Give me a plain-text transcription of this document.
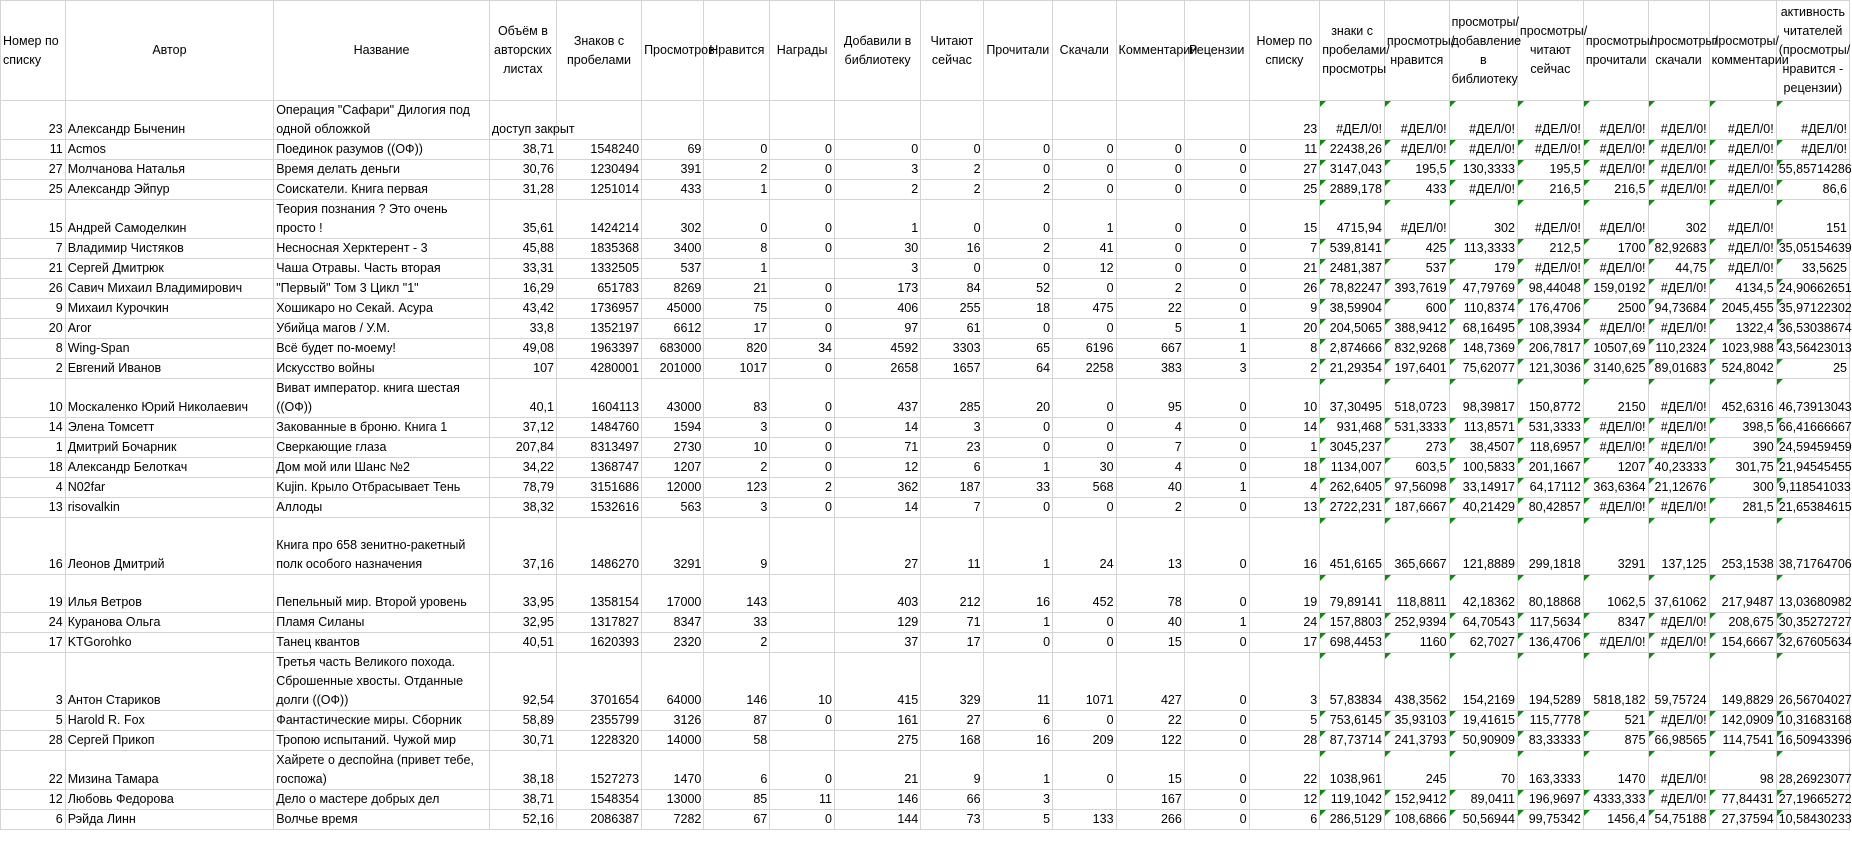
Номер по списку	Автор	Название	Объём в авторских листах	Знаков с пробелами	Просмотров	Нравится	Награды	Добавили в библиотеку	Читают сейчас	Прочитали	Скачали	Комментарии	Рецензии	Номер по списку	знаки с пробелами/просмотры	просмотры/нравится	просмотры/добавление в библиотеку	просмотры/читают сейчас	просмотры/прочитали	просмотры/скачали	просмотры/комментарии	активность читателей (просмотры/нравится - рецензии)
23	Александр Быченин	Операция "Сафари" Дилогия под одной обложкой	доступ закрыт											23	#ДЕЛ/0!	#ДЕЛ/0!	#ДЕЛ/0!	#ДЕЛ/0!	#ДЕЛ/0!	#ДЕЛ/0!	#ДЕЛ/0!	#ДЕЛ/0!
11	Acmos	Поединок разумов ((ОФ))	38,71	1548240	69	0	0	0	0	0	0	0	0	11	22438,26	#ДЕЛ/0!	#ДЕЛ/0!	#ДЕЛ/0!	#ДЕЛ/0!	#ДЕЛ/0!	#ДЕЛ/0!	#ДЕЛ/0!
27	Молчанова Наталья	Время делать деньги	30,76	1230494	391	2	0	3	2	0	0	0	0	27	3147,043	195,5	130,3333	195,5	#ДЕЛ/0!	#ДЕЛ/0!	#ДЕЛ/0!	55,85714286
25	Александр Эйпур	Соискатели. Книга первая	31,28	1251014	433	1	0	2	2	2	0	0	0	25	2889,178	433	#ДЕЛ/0!	216,5	216,5	#ДЕЛ/0!	#ДЕЛ/0!	86,6
15	Андрей Самоделкин	Теория познания ? Это очень просто !	35,61	1424214	302	0	0	1	0	0	1	0	0	15	4715,94	#ДЕЛ/0!	302	#ДЕЛ/0!	#ДЕЛ/0!	302	#ДЕЛ/0!	151
7	Владимир Чистяков	Несносная Херктерент - 3	45,88	1835368	3400	8	0	30	16	2	41	0	0	7	539,8141	425	113,3333	212,5	1700	82,92683	#ДЕЛ/0!	35,05154639
21	Сергей Дмитрюк	Чаша Отравы. Часть вторая	33,31	1332505	537	1		3	0	0	12	0	0	21	2481,387	537	179	#ДЕЛ/0!	#ДЕЛ/0!	44,75	#ДЕЛ/0!	33,5625
26	Савич Михаил Владимирович	"Первый" Том 3 Цикл "1"	16,29	651783	8269	21	0	173	84	52	0	2	0	26	78,82247	393,7619	47,79769	98,44048	159,0192	#ДЕЛ/0!	4134,5	24,90662651
9	Михаил Курочкин	Хошикаро но Секай. Асура	43,42	1736957	45000	75	0	406	255	18	475	22	0	9	38,59904	600	110,8374	176,4706	2500	94,73684	2045,455	35,97122302
20	Aror	Убийца магов / У.М.	33,8	1352197	6612	17	0	97	61	0	0	5	1	20	204,5065	388,9412	68,16495	108,3934	#ДЕЛ/0!	#ДЕЛ/0!	1322,4	36,53038674
8	Wing-Span	Всё будет по-моему!	49,08	1963397	683000	820	34	4592	3303	65	6196	667	1	8	2,874666	832,9268	148,7369	206,7817	10507,69	110,2324	1023,988	43,56423013
2	Евгений Иванов	Искусство войны	107	4280001	201000	1017	0	2658	1657	64	2258	383	3	2	21,29354	197,6401	75,62077	121,3036	3140,625	89,01683	524,8042	25
10	Москаленко Юрий Николаевич	Виват император. книга шестая ((ОФ))	40,1	1604113	43000	83	0	437	285	20	0	95	0	10	37,30495	518,0723	98,39817	150,8772	2150	#ДЕЛ/0!	452,6316	46,73913043
14	Элена Томсетт	Закованные в броню. Книга 1	37,12	1484760	1594	3	0	14	3	0	0	4	0	14	931,468	531,3333	113,8571	531,3333	#ДЕЛ/0!	#ДЕЛ/0!	398,5	66,41666667
1	Дмитрий Бочарник	Сверкающие глаза	207,84	8313497	2730	10	0	71	23	0	0	7	0	1	3045,237	273	38,4507	118,6957	#ДЕЛ/0!	#ДЕЛ/0!	390	24,59459459
18	Александр Белоткач	Дом мой или Шанс №2	34,22	1368747	1207	2	0	12	6	1	30	4	0	18	1134,007	603,5	100,5833	201,1667	1207	40,23333	301,75	21,94545455
4	N02far	Kujin. Крыло Отбрасывает Тень	78,79	3151686	12000	123	2	362	187	33	568	40	1	4	262,6405	97,56098	33,14917	64,17112	363,6364	21,12676	300	9,118541033
13	risovalkin	Аллоды	38,32	1532616	563	3	0	14	7	0	0	2	0	13	2722,231	187,6667	40,21429	80,42857	#ДЕЛ/0!	#ДЕЛ/0!	281,5	21,65384615
16	Леонов Дмитрий	Книга про 658 зенитно-ракетный полк особого назначения	37,16	1486270	3291	9		27	11	1	24	13	0	16	451,6165	365,6667	121,8889	299,1818	3291	137,125	253,1538	38,71764706
19	Илья Ветров	Пепельный мир. Второй уровень	33,95	1358154	17000	143		403	212	16	452	78	0	19	79,89141	118,8811	42,18362	80,18868	1062,5	37,61062	217,9487	13,03680982
24	Куранова Ольга	Пламя Силаны	32,95	1317827	8347	33		129	71	1	0	40	1	24	157,8803	252,9394	64,70543	117,5634	8347	#ДЕЛ/0!	208,675	30,35272727
17	KTGorohko	Танец квантов	40,51	1620393	2320	2		37	17	0	0	15	0	17	698,4453	1160	62,7027	136,4706	#ДЕЛ/0!	#ДЕЛ/0!	154,6667	32,67605634
3	Антон Стариков	Третья часть Великого похода. Сброшенные хвосты. Отданные долги ((ОФ))	92,54	3701654	64000	146	10	415	329	11	1071	427	0	3	57,83834	438,3562	154,2169	194,5289	5818,182	59,75724	149,8829	26,56704027
5	Harold R. Fox	Фантастические миры. Сборник	58,89	2355799	3126	87	0	161	27	6	0	22	0	5	753,6145	35,93103	19,41615	115,7778	521	#ДЕЛ/0!	142,0909	10,31683168
28	Сергей Прикоп	Тропою испытаний. Чужой мир	30,71	1228320	14000	58		275	168	16	209	122	0	28	87,73714	241,3793	50,90909	83,33333	875	66,98565	114,7541	16,50943396
22	Мизина Тамара	Хайрете о деспойна (привет тебе, госпожа)	38,18	1527273	1470	6	0	21	9	1	0	15	0	22	1038,961	245	70	163,3333	1470	#ДЕЛ/0!	98	28,26923077
12	Любовь Федорова	Дело о мастере добрых дел	38,71	1548354	13000	85	11	146	66	3		167	0	12	119,1042	152,9412	89,0411	196,9697	4333,333	#ДЕЛ/0!	77,84431	27,19665272
6	Рэйда Линн	Волчье время	52,16	2086387	7282	67	0	144	73	5	133	266	0	6	286,5129	108,6866	50,56944	99,75342	1456,4	54,75188	27,37594	10,58430233
